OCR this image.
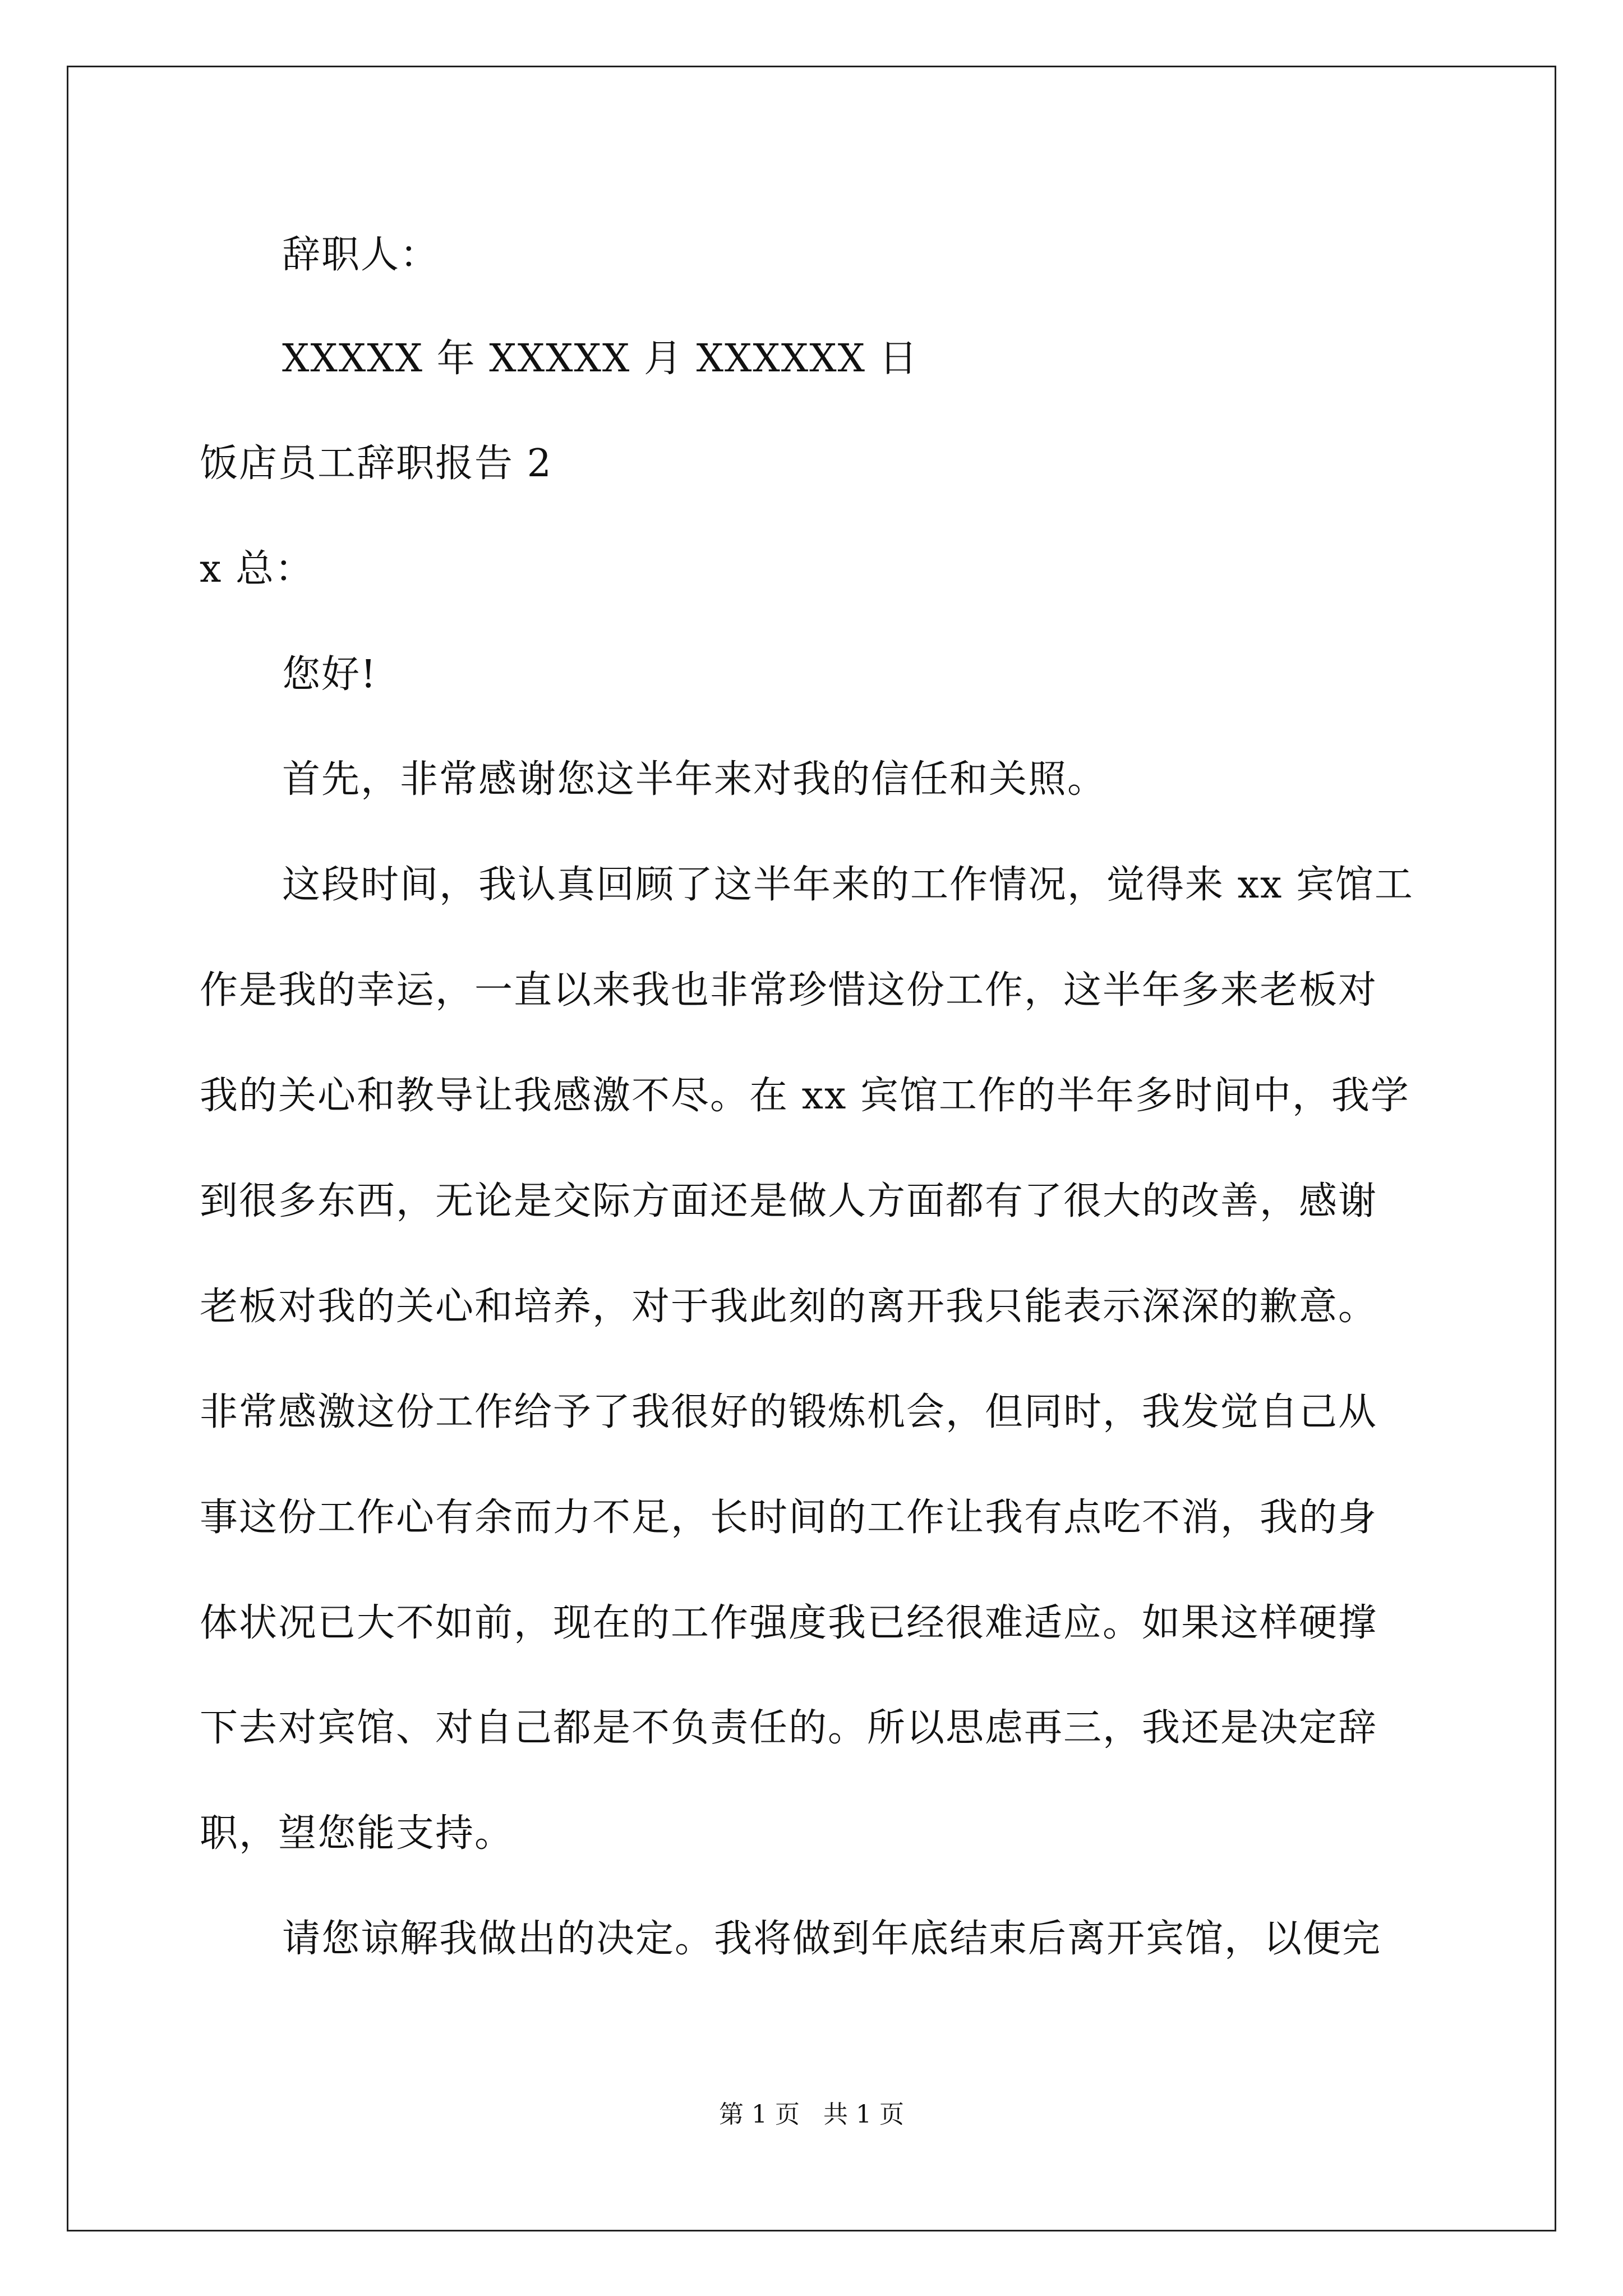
辞职人：
XXXXX 年 XXXXX 月 XXXXXX 日
饭店员工辞职报告 2
x 总：
您好!
首先，非常感谢您这半年来对我的信任和关照。
这段时间，我认真回顾了这半年来的工作情况，觉得来 xx 宾馆工
作是我的幸运，一直以来我也非常珍惜这份工作，这半年多来老板对
我的关心和教导让我感激不尽。在 xx 宾馆工作的半年多时间中，我学
到很多东西，无论是交际方面还是做人方面都有了很大的改善，感谢
老板对我的关心和培养，对于我此刻的离开我只能表示深深的歉意。
非常感激这份工作给予了我很好的锻炼机会，但同时，我发觉自己从
事这份工作心有余而力不足，长时间的工作让我有点吃不消，我的身
体状况已大不如前，现在的工作强度我已经很难适应。如果这样硬撑
下去对宾馆、对自己都是不负责任的。所以思虑再三，我还是决定辞
职，望您能支持。
请您谅解我做出的决定。我将做到年底结束后离开宾馆，以便完
第 1 页   共 1 页
